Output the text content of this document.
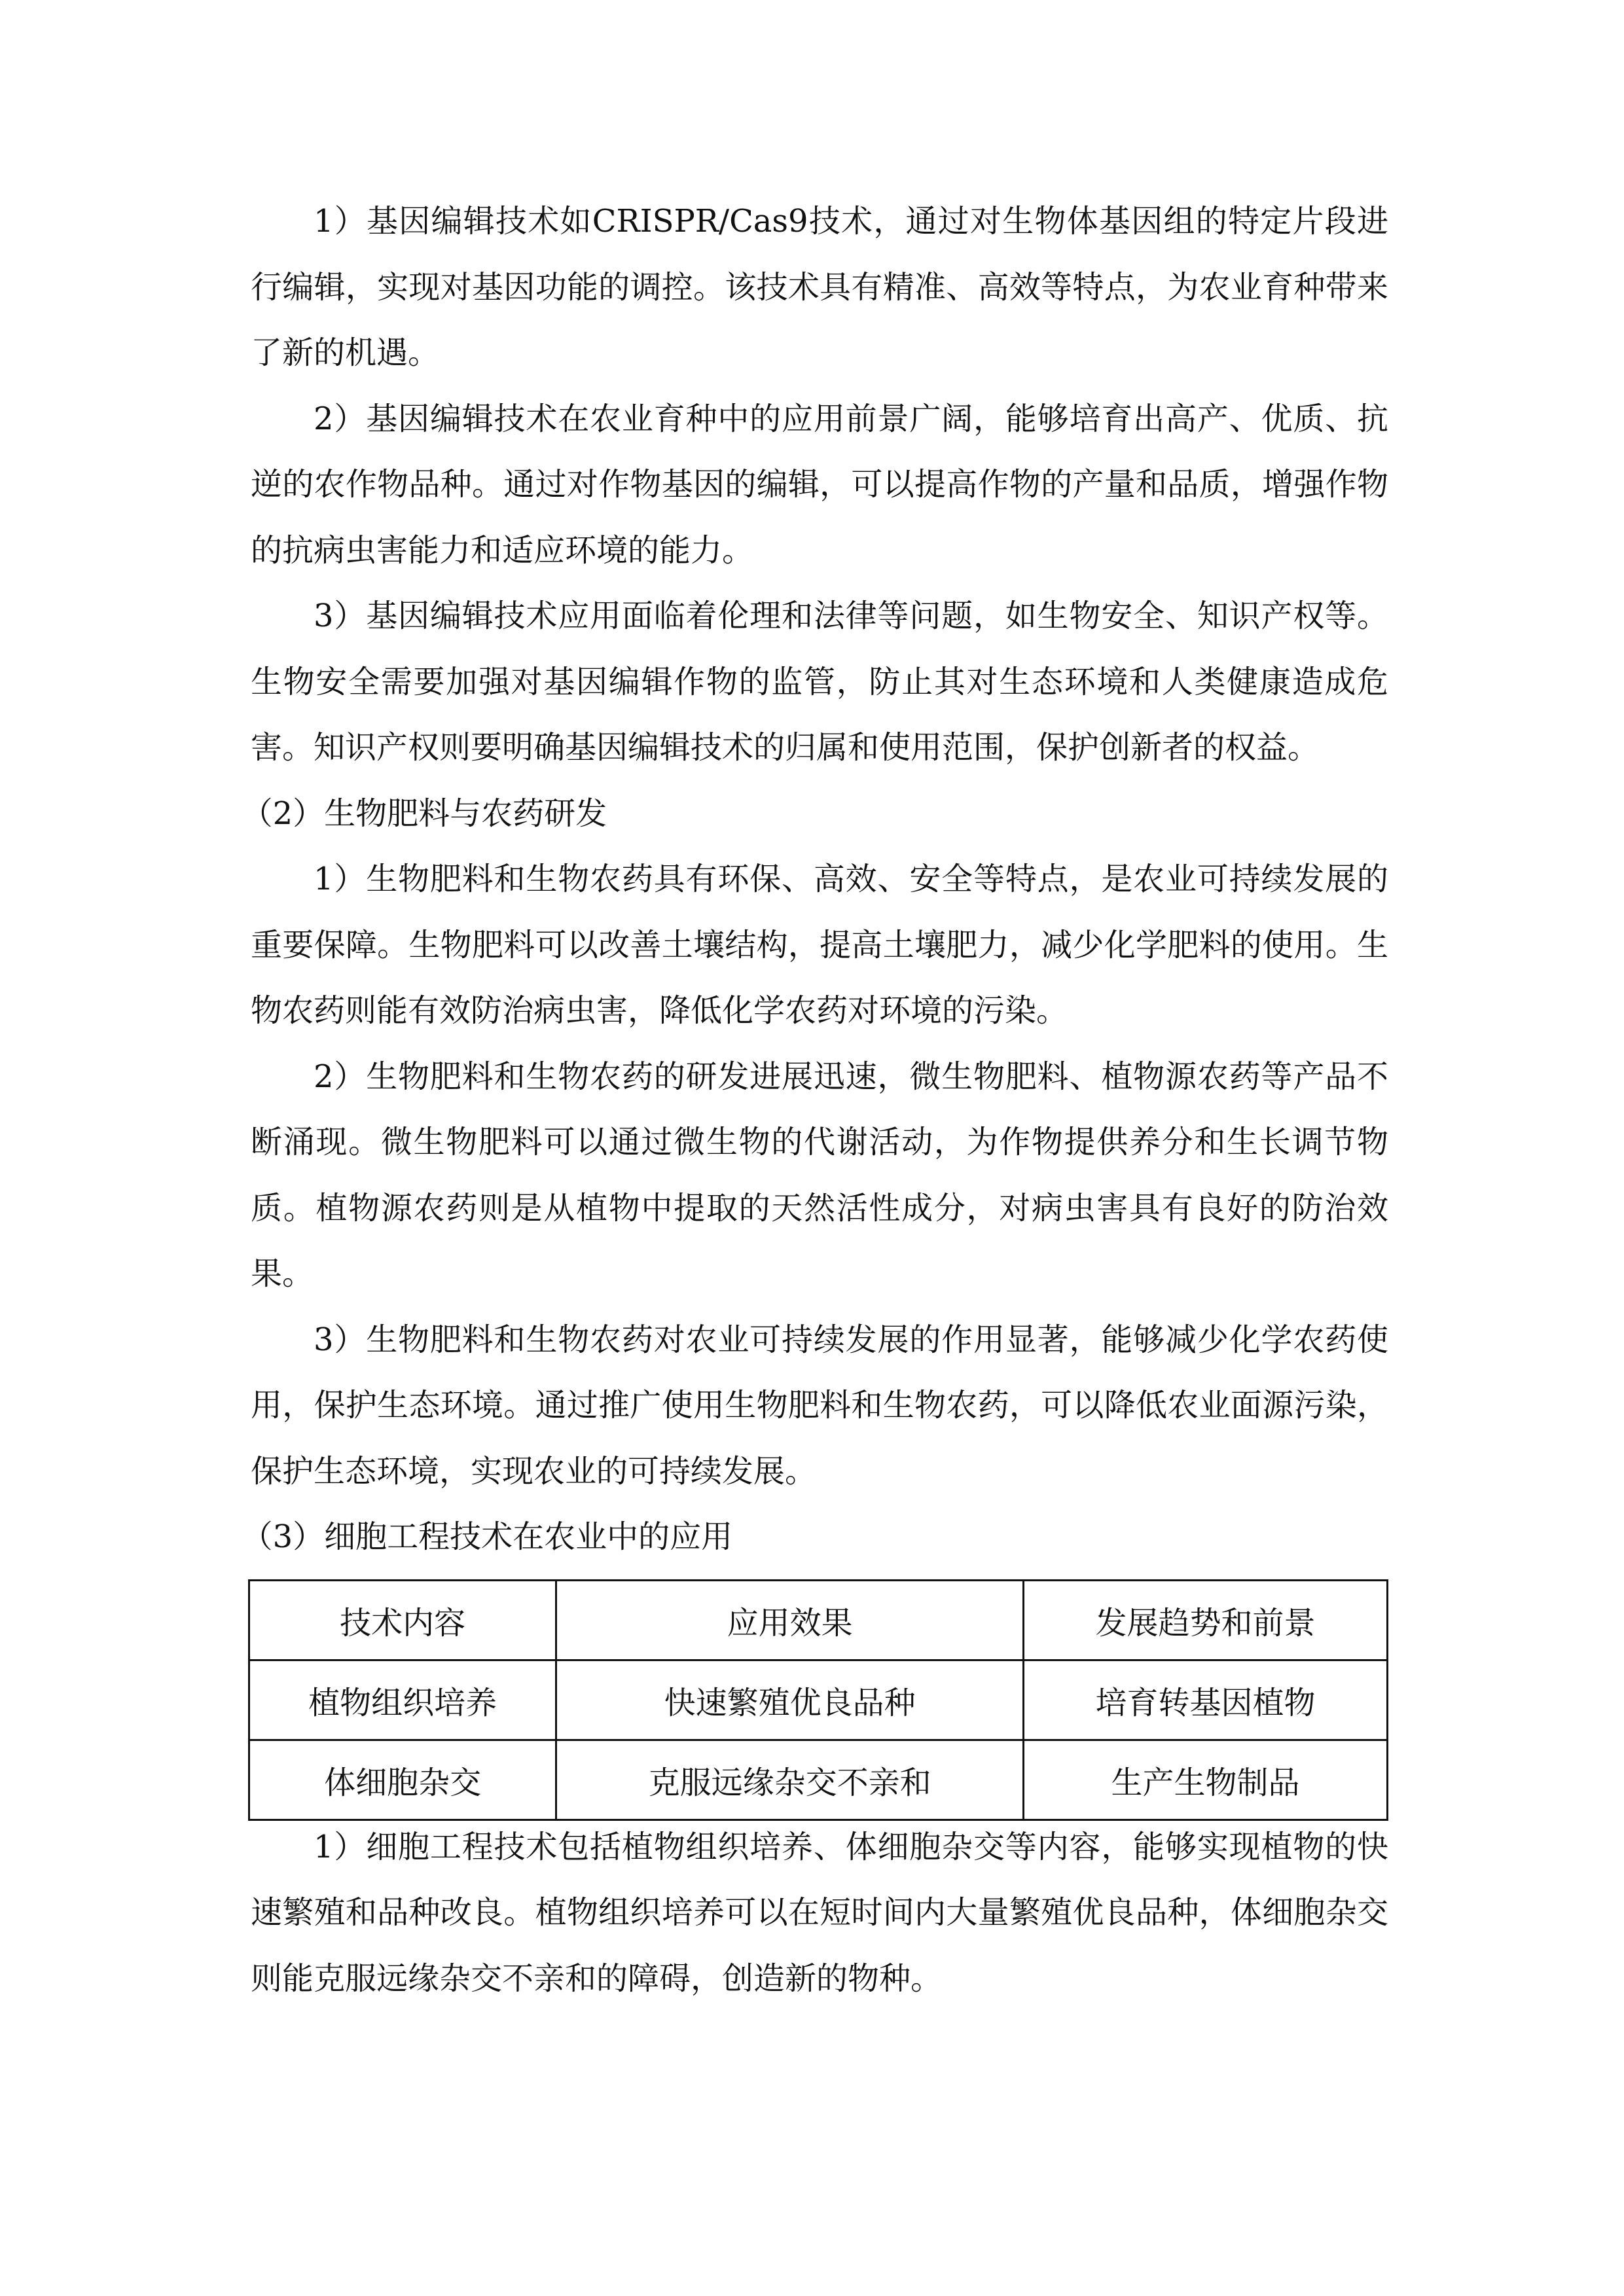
1）基因编辑技术如CRISPR/Cas9技术，通过对生物体基因组的特定片段进行编辑，实现对基因功能的调控。该技术具有精准、高效等特点，为农业育种带来了新的机遇。

2）基因编辑技术在农业育种中的应用前景广阔，能够培育出高产、优质、抗逆的农作物品种。通过对作物基因的编辑，可以提高作物的产量和品质，增强作物的抗病虫害能力和适应环境的能力。

3）基因编辑技术应用面临着伦理和法律等问题，如生物安全、知识产权等。生物安全需要加强对基因编辑作物的监管，防止其对生态环境和人类健康造成危害。知识产权则要明确基因编辑技术的归属和使用范围，保护创新者的权益。

（2）生物肥料与农药研发

1）生物肥料和生物农药具有环保、高效、安全等特点，是农业可持续发展的重要保障。生物肥料可以改善土壤结构，提高土壤肥力，减少化学肥料的使用。生物农药则能有效防治病虫害，降低化学农药对环境的污染。

2）生物肥料和生物农药的研发进展迅速，微生物肥料、植物源农药等产品不断涌现。微生物肥料可以通过微生物的代谢活动，为作物提供养分和生长调节物质。植物源农药则是从植物中提取的天然活性成分，对病虫害具有良好的防治效果。

3）生物肥料和生物农药对农业可持续发展的作用显著，能够减少化学农药使用，保护生态环境。通过推广使用生物肥料和生物农药，可以降低农业面源污染，保护生态环境，实现农业的可持续发展。

（3）细胞工程技术在农业中的应用

技术内容	应用效果	发展趋势和前景
植物组织培养	快速繁殖优良品种	培育转基因植物
体细胞杂交	克服远缘杂交不亲和	生产生物制品

1）细胞工程技术包括植物组织培养、体细胞杂交等内容，能够实现植物的快速繁殖和品种改良。植物组织培养可以在短时间内大量繁殖优良品种，体细胞杂交则能克服远缘杂交不亲和的障碍，创造新的物种。
